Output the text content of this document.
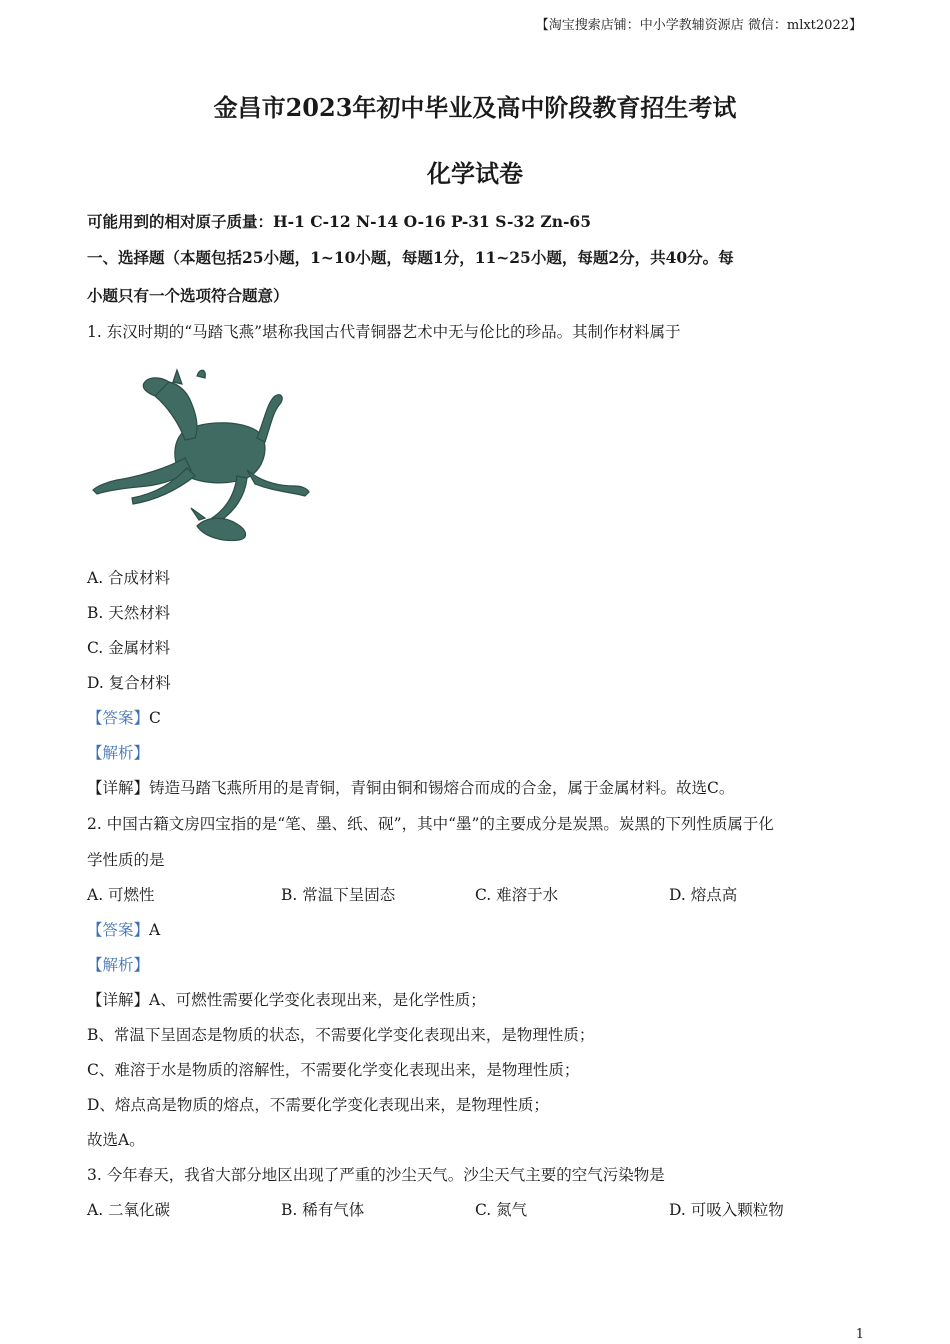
【淘宝搜索店铺：中小学教辅资源店 微信：mlxt2022】
金昌市2023年初中毕业及高中阶段教育招生考试
化学试卷
可能用到的相对原子质量：H-1 C-12 N-14 O-16 P-31 S-32 Zn-65
一、选择题（本题包括25小题，1~10小题，每题1分，11~25小题，每题2分，共40分。每
小题只有一个选项符合题意）
1. 东汉时期的“马踏飞燕”堪称我国古代青铜器艺术中无与伦比的珍品。其制作材料属于
A. 合成材料
B. 天然材料
C. 金属材料
D. 复合材料
【答案】C
【解析】
【详解】铸造马踏飞燕所用的是青铜，青铜由铜和锡熔合而成的合金，属于金属材料。故选C。
2. 中国古籍文房四宝指的是“笔、墨、纸、砚”，其中“墨”的主要成分是炭黑。炭黑的下列性质属于化
学性质的是
A. 可燃性	B. 常温下呈固态	C. 难溶于水	D. 熔点高
【答案】A
【解析】
【详解】A、可燃性需要化学变化表现出来，是化学性质；
B、常温下呈固态是物质的状态，不需要化学变化表现出来，是物理性质；
C、难溶于水是物质的溶解性，不需要化学变化表现出来，是物理性质；
D、熔点高是物质的熔点，不需要化学变化表现出来，是物理性质；
故选A。
3. 今年春天，我省大部分地区出现了严重的沙尘天气。沙尘天气主要的空气污染物是
A. 二氧化碳	B. 稀有气体	C. 氮气	D. 可吸入颗粒物
1
